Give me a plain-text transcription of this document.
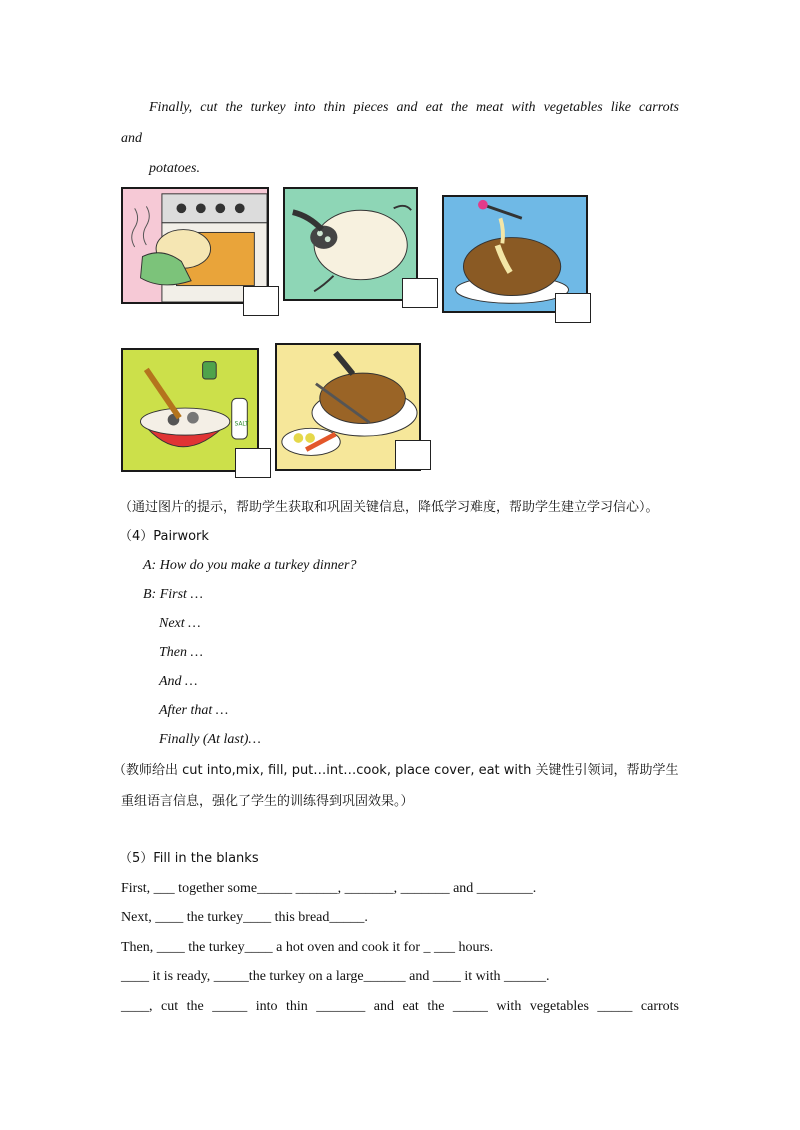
Finally, cut the turkey into thin pieces and eat the meat with vegetables like carrots
and
potatoes.
SALT
（通过图片的提示，帮助学生获取和巩固关键信息，降低学习难度，帮助学生建立学习信心）。
（4）Pairwork
A: How do you make a turkey dinner?
B: First …
Next …
Then …
And …
After that …
Finally (At last)…
（教师给出 cut into,mix, fill, put…int…cook, place cover, eat with 关键性引领词，帮助学生
重组语言信息，强化了学生的训练得到巩固效果。）
（5）Fill in the blanks
First, ___ together some_____ ______, _______, _______ and ________.
Next, ____ the turkey____ this bread_____.
Then, ____ the turkey____ a hot oven and cook it for _ ___ hours.
____ it is ready, _____the turkey on a large______ and ____ it with ______.
____, cut the _____ into thin _______ and eat the _____ with vegetables _____ carrots
